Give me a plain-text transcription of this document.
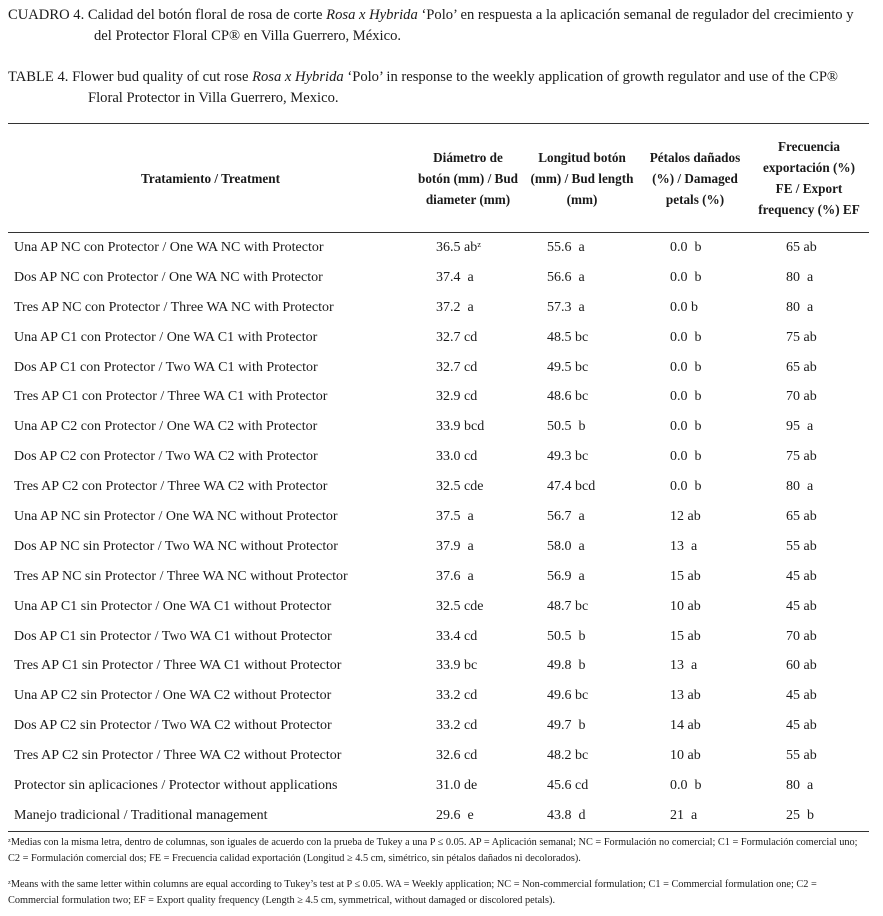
CUADRO 4. Calidad del botón floral de rosa de corte Rosa x Hybrida ‘Polo’ en respuesta a la aplicación semanal de regulador del crecimiento y del Protector Floral CP® en Villa Guerrero, México.
TABLE 4. Flower bud quality of cut rose Rosa x Hybrida ‘Polo’ in response to the weekly application of growth regulator and use of the CP® Floral Protector in Villa Guerrero, Mexico.
Tratamiento / Treatment	Diámetro de botón (mm) / Bud diameter (mm)	Longitud botón (mm) / Bud length (mm)	Pétalos dañados (%) / Damaged petals (%)	Frecuencia exportación (%) FE / Export frequency (%) EF
Una AP NC con Protector / One WA NC with Protector	36.5 abᶻ	55.6  a	0.0  b	65 ab
Dos AP NC con Protector / One WA NC with Protector	37.4  a	56.6  a	0.0  b	80  a
Tres AP NC con Protector / Three WA NC with Protector	37.2  a	57.3  a	0.0 b	80  a
Una AP C1 con Protector / One WA C1 with Protector	32.7 cd	48.5 bc	0.0  b	75 ab
Dos AP C1 con Protector / Two WA C1 with Protector	32.7 cd	49.5 bc	0.0  b	65 ab
Tres AP C1 con Protector / Three WA C1 with Protector	32.9 cd	48.6 bc	0.0  b	70 ab
Una AP C2 con Protector / One WA C2 with Protector	33.9 bcd	50.5  b	0.0  b	95  a
Dos AP C2 con Protector / Two WA C2 with Protector	33.0 cd	49.3 bc	0.0  b	75 ab
Tres AP C2 con Protector / Three WA C2 with Protector	32.5 cde	47.4 bcd	0.0  b	80  a
Una AP NC sin Protector / One WA NC without Protector	37.5  a	56.7  a	12 ab	65 ab
Dos AP NC sin Protector / Two WA NC without Protector	37.9  a	58.0  a	13  a	55 ab
Tres AP NC sin Protector / Three WA NC without Protector	37.6  a	56.9  a	15 ab	45 ab
Una AP C1 sin Protector / One WA C1 without Protector	32.5 cde	48.7 bc	10 ab	45 ab
Dos AP C1 sin Protector / Two WA C1 without Protector	33.4 cd	50.5  b	15 ab	70 ab
Tres AP C1 sin Protector / Three WA C1 without Protector	33.9 bc	49.8  b	13  a	60 ab
Una AP C2 sin Protector / One WA C2 without Protector	33.2 cd	49.6 bc	13 ab	45 ab
Dos AP C2 sin Protector / Two WA C2 without Protector	33.2 cd	49.7  b	14 ab	45 ab
Tres AP C2 sin Protector / Three WA C2 without Protector	32.6 cd	48.2 bc	10 ab	55 ab
Protector sin aplicaciones / Protector without applications	31.0 de	45.6 cd	0.0  b	80  a
Manejo tradicional / Traditional management	29.6  e	43.8  d	21  a	25  b
ᶻMedias con la misma letra, dentro de columnas, son iguales de acuerdo con la prueba de Tukey a una P ≤ 0.05. AP = Aplicación semanal; NC = Formulación no comercial; C1 = Formulación comercial uno; C2 = Formulación comercial dos; FE = Frecuencia calidad exportación (Longitud ≥ 4.5 cm, simétrico, sin pétalos dañados ni decolorados).
ᶻMeans with the same letter within columns are equal according to Tukey’s test at P ≤ 0.05. WA = Weekly application; NC = Non-commercial formulation; C1 = Commercial formulation one; C2 = Commercial formulation two; EF = Export quality frequency (Length ≥ 4.5 cm, symmetrical, without damaged or discolored petals).
